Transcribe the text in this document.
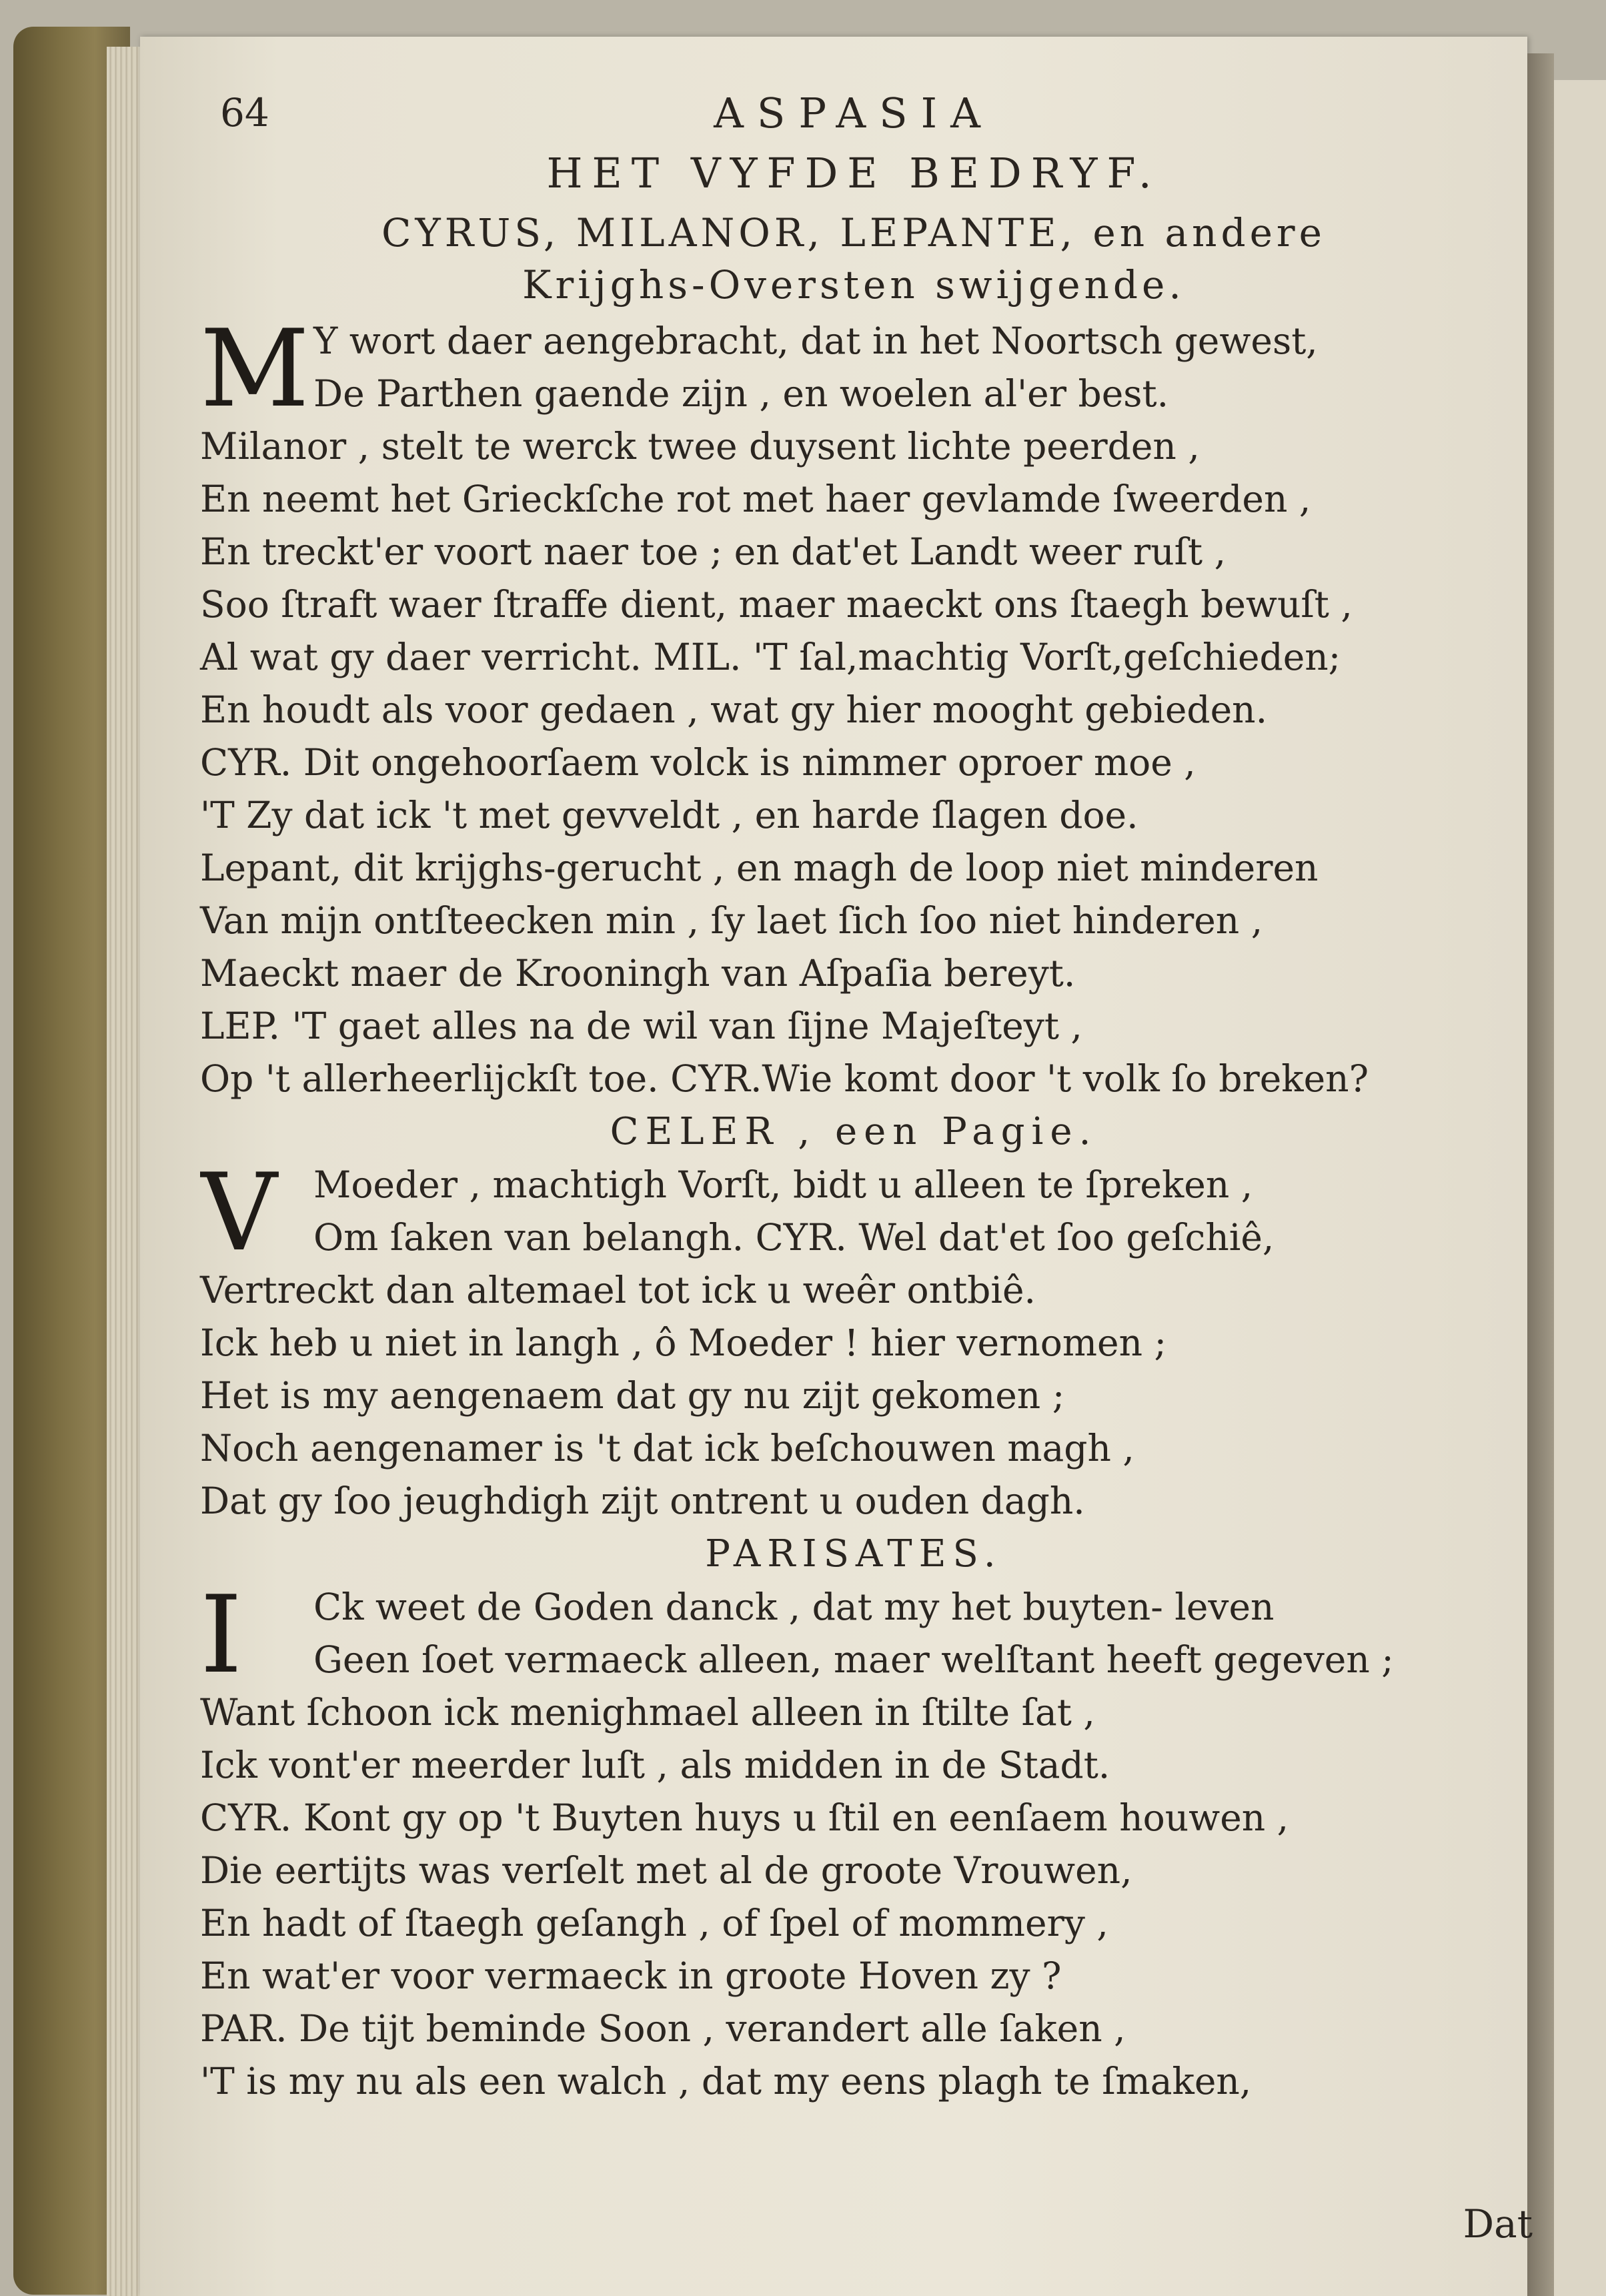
64	ASPASIA
HET VYFDE BEDRYF.
CYRUS, MILANOR, LEPANTE, en andere
Krijghs-Oversten swijgende.
M Y wort daer aengebracht, dat in het Noortsch gewest,
De Parthen gaende zijn , en woelen al'er best.
Milanor , stelt te werck twee duysent lichte peerden ,
En neemt het Grieckſche rot met haer gevlamde ſweerden ,
En treckt'er voort naer toe ; en dat'et Landt weer ruſt ,
Soo ſtraft waer ſtraffe dient, maer maeckt ons ſtaegh bewuſt ,
Al wat gy daer verricht. MIL. 'T ſal,machtig Vorſt,geſchieden;
En houdt als voor gedaen , wat gy hier mooght gebieden.
CYR. Dit ongehoorſaem volck is nimmer oproer moe ,
'T Zy dat ick 't met gevveldt , en harde ſlagen doe.
Lepant, dit krijghs-gerucht , en magh de loop niet minderen
Van mijn ontſteecken min , ſy laet ſich ſoo niet hinderen ,
Maeckt maer de Krooningh van Aſpaſia bereyt.
LEP. 'T gaet alles na de wil van ſijne Majeſteyt ,
Op 't allerheerlijckſt toe. CYR.Wie komt door 't volk ſo breken?
CELER , een Pagie.
V Moeder , machtigh Vorſt, bidt u alleen te ſpreken ,
Om ſaken van belangh. CYR. Wel dat'et ſoo geſchiê,
Vertreckt dan altemael tot ick u weêr ontbiê.
Ick heb u niet in langh , ô Moeder ! hier vernomen ;
Het is my aengenaem dat gy nu zijt gekomen ;
Noch aengenamer is 't dat ick beſchouwen magh ,
Dat gy ſoo jeughdigh zijt ontrent u ouden dagh.
PARISATES.
I	Ck weet de Goden danck , dat my het buyten- leven
Geen ſoet vermaeck alleen, maer welſtant heeft gegeven ;
Want ſchoon ick menighmael alleen in ſtilte ſat ,
Ick vont'er meerder luſt , als midden in de Stadt.
CYR. Kont gy op 't Buyten huys u ſtil en eenſaem houwen ,
Die eertijts was verſelt met al de groote Vrouwen,
En hadt of ſtaegh geſangh , of ſpel of mommery ,
En wat'er voor vermaeck in groote Hoven zy ?
PAR. De tijt beminde Soon , verandert alle ſaken ,
'T is my nu als een walch , dat my eens plagh te ſmaken,
Dat
